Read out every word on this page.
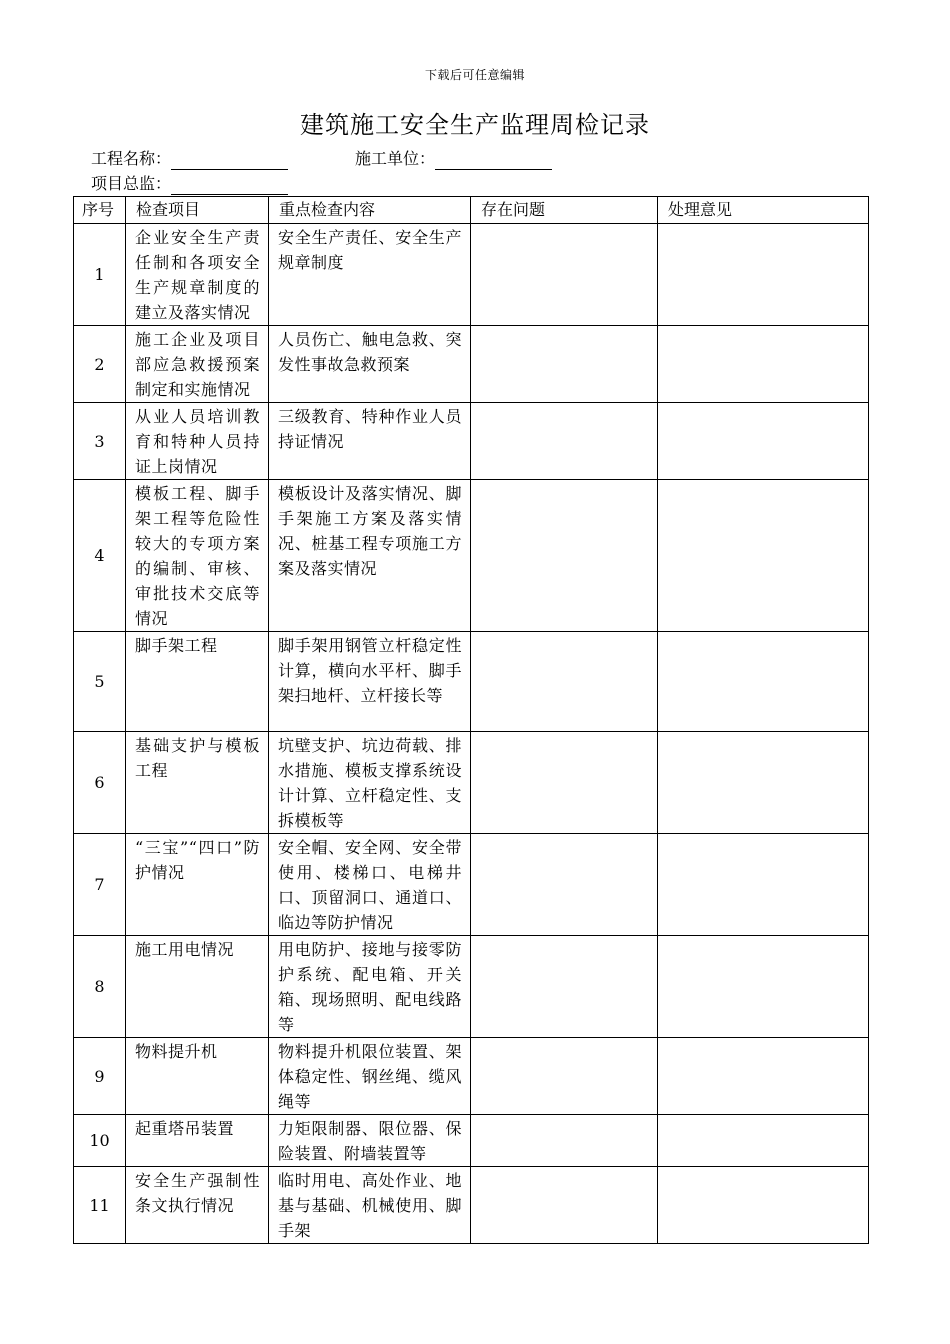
下载后可任意编辑
建筑施工安全生产监理周检记录
工程名称：	施工单位：
项目总监：
序号	检查项目	重点检查内容	存在问题	处理意见
1	企业安全生产责任制和各项安全生产规章制度的建立及落实情况	安全生产责任、安全生产规章制度		

2	施工企业及项目部应急救援预案制定和实施情况	人员伤亡、触电急救、突发性事故急救预案		

3	从业人员培训教育和特种人员持证上岗情况	三级教育、特种作业人员持证情况		

4	模板工程、脚手架工程等危险性较大的专项方案的编制、审核、审批技术交底等情况	模板设计及落实情况、脚手架施工方案及落实情况、桩基工程专项施工方案及落实情况		

5	脚手架工程	脚手架用钢管立杆稳定性计算，横向水平杆、脚手架扫地杆、立杆接长等		

6	基础支护与模板工程	坑壁支护、坑边荷载、排水措施、模板支撑系统设计计算、立杆稳定性、支拆模板等		

7	“三宝”“四口”防护情况	安全帽、安全网、安全带使用、楼梯口、电梯井口、顶留洞口、通道口、临边等防护情况		

8	施工用电情况	用电防护、接地与接零防护系统、配电箱、开关箱、现场照明、配电线路等		

9	物料提升机	物料提升机限位装置、架体稳定性、钢丝绳、缆风绳等		

10	起重塔吊装置	力矩限制器、限位器、保险装置、附墙装置等		

11	安全生产强制性条文执行情况	临时用电、高处作业、地基与基础、机械使用、脚手架		
